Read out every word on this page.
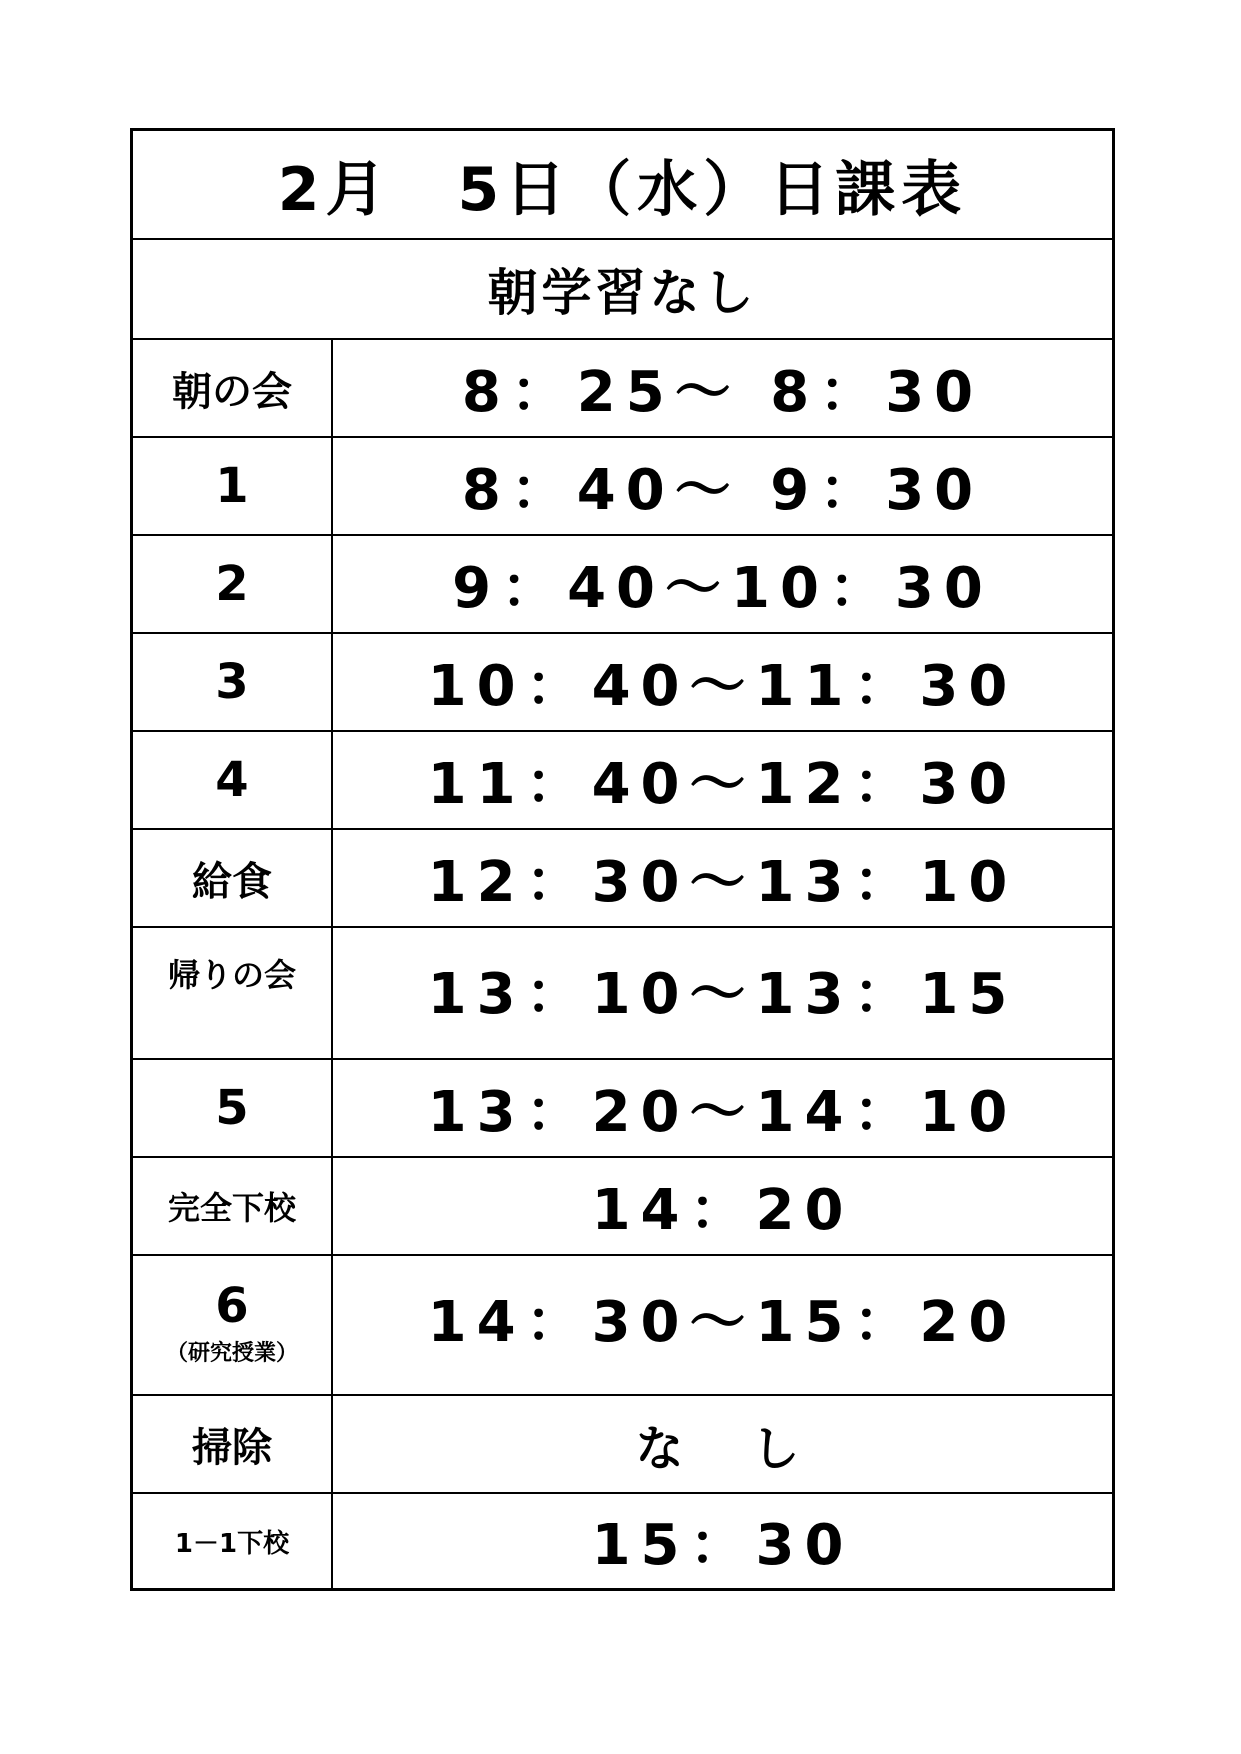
2月　5日（水）日課表
朝学習なし
朝の会	8：25〜 8：30
1	8：40〜 9：30
2	9：40〜10：30
3	10：40〜11：30
4	11：40〜12：30
給食	12：30〜13：10
帰りの会	13：10〜13：15
5	13：20〜14：10
完全下校	14：20
6
（研究授業）	14：30〜15：20
掃除	な　し
1－1下校	15：30
